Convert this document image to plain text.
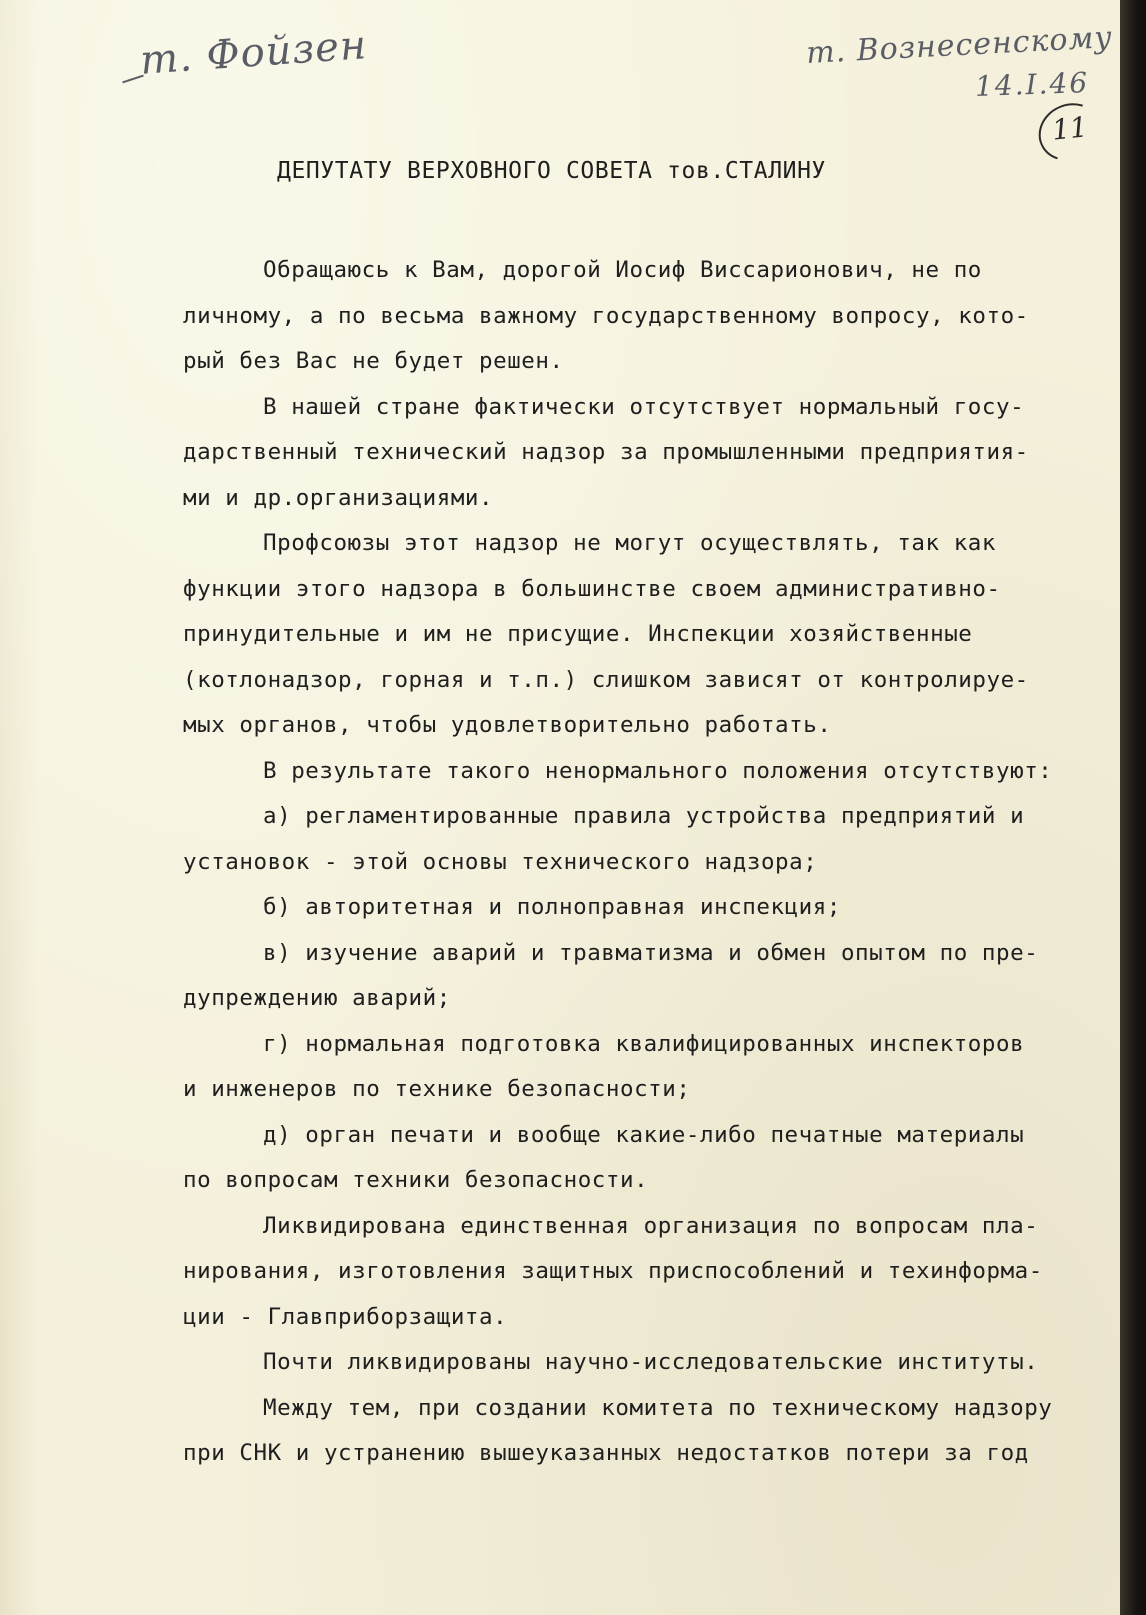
т. Фойзен	т. Вознесенскому
14.I.46
11
ДЕПУТАТУ ВЕРХОВНОГО СОВЕТА тов.СТАЛИНУ
Обращаюсь к Вам, дорогой Иосиф Виссарионович, не по
личному, а по весьма важному государственному вопросу, кото-
рый без Вас не будет решен.
В нашей стране фактически отсутствует нормальный госу-
дарственный технический надзор за промышленными предприятия-
ми и др.организациями.
Профсоюзы этот надзор не могут осуществлять, так как
функции этого надзора в большинстве своем административно-
принудительные и им не присущие. Инспекции хозяйственные
(котлонадзор, горная и т.п.) слишком зависят от контролируе-
мых органов, чтобы удовлетворительно работать.
В результате такого ненормального положения отсутствуют:
а) регламентированные правила устройства предприятий и
установок - этой основы технического надзора;
б) авторитетная и полноправная инспекция;
в) изучение аварий и травматизма и обмен опытом по пре-
дупреждению аварий;
г) нормальная подготовка квалифицированных инспекторов
и инженеров по технике безопасности;
д) орган печати и вообще какие-либо печатные материалы
по вопросам техники безопасности.
Ликвидирована единственная организация по вопросам пла-
нирования, изготовления защитных приспособлений и техинформа-
ции - Главприборзащита.
Почти ликвидированы научно-исследовательские институты.
Между тем, при создании комитета по техническому надзору
при СНК и устранению вышеуказанных недостатков потери за год
